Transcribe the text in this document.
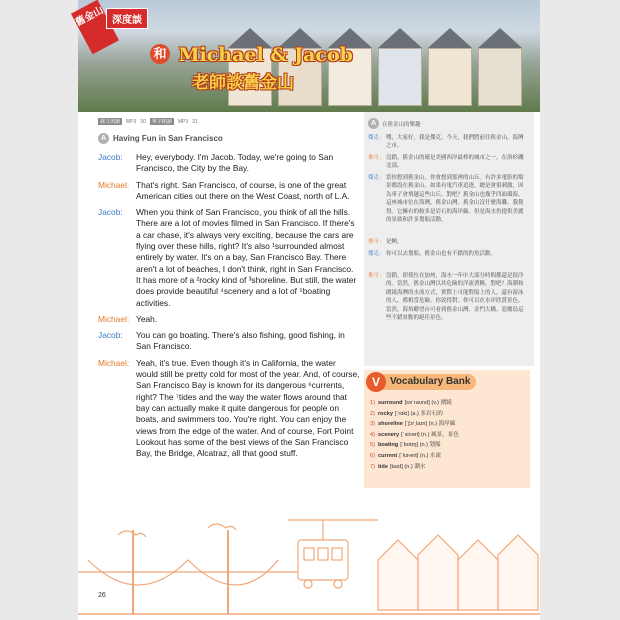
舊金山 深度談
和 Michael & Jacob
老師談舊金山
課文朗讀	MP3 30	單字朗讀	MP3 31
A Having Fun in San Francisco
Jacob:	Hey, everybody. I'm Jacob. Today, we're going to San Francisco, the City by the Bay.
Michael: That's right. San Francisco, of course, is one of the great American cities out there on the West Coast, north of L.A.
Jacob:	When you think of San Francisco, you think of all the hills. There are a lot of movies filmed in San Francisco. If there's a car chase, it's always very exciting, because the cars are flying over these hills, right? It's also ¹surrounded almost entirely by water. It's on a bay, San Francisco Bay. There aren't a lot of beaches, I don't think, right in San Francisco. It has more of a ²rocky kind of ³shoreline. But still, the water does provide beautiful ⁴scenery and a lot of ⁵boating activities.
Michael: Yeah.
Jacob:	You can go boating. There's also fishing, good fishing, in San Francisco.
Michael: Yeah, it's true. Even though it's in California, the water would still be pretty cold for most of the year. And, of course, San Francisco Bay is known for its dangerous ⁶currents, right? The ⁷tides and the way the water flows around that bay can actually make it quite dangerous for people on boats, and swimmers too. You're right. You can enjoy the views from the edge of the water. And of course, Fort Point Lookout has some of the best views of the San Francisco Bay, the Bridge, Alcatraz, all that good stuff.
A	在舊金山的樂趣
傑克： 嘿，大家好，我是傑克。今天，我們將前往舊金山，海灣之市。
麥可： 沒錯。舊金山的確是美國西岸最棒的城市之一，在洛杉磯北部。
傑克： 當你想到舊金山，你會想到那裡的山丘。有許多電影的場景都設在舊金山。如果有電汽車追逐，總是會很刺激，因為車子會飛越這些山丘，對吧？舊金山也幾乎四面環海。這座城市位在海灣，舊金山灣。舊金山沒什麼海灘，我覺得。它擁有的較多是岩石的海岸線。但是海水仍提供美麗的景致和許多划船活動。
麥可： 是啊。
傑克： 你可以去划船。舊金山也有不錯的釣魚活動。
麥可： 沒錯，即使位在加州，海水一年中大部分時間都還是很冷的。當然，舊金山灣以其危險的洋流著稱，對吧？海潮和圍繞海灣的水流方式，實際上可能對船上的人，還有游泳的人，都相當危險。你說得對。你可以在水岸欣賞景色。當然，海角瞭望台可看到舊金山灣、金門大橋、惡魔島這些不錯景點的絕佳景色。
V	Vocabulary Bank
1) surround [səˈraʊnd] (v.) 圍繞
2) rocky [ˈrɑki] (a.) 多岩石的
3) shoreline [ˈʃɔr͵laɪn] (n.) 海岸線
4) scenery [ˈsinəri] (n.) 風景，景色
5) boating [ˈbotɪŋ] (n.) 划船
6) current [ˈkɝənt] (n.) 水流
7) tide [taɪd] (n.) 潮水
26
